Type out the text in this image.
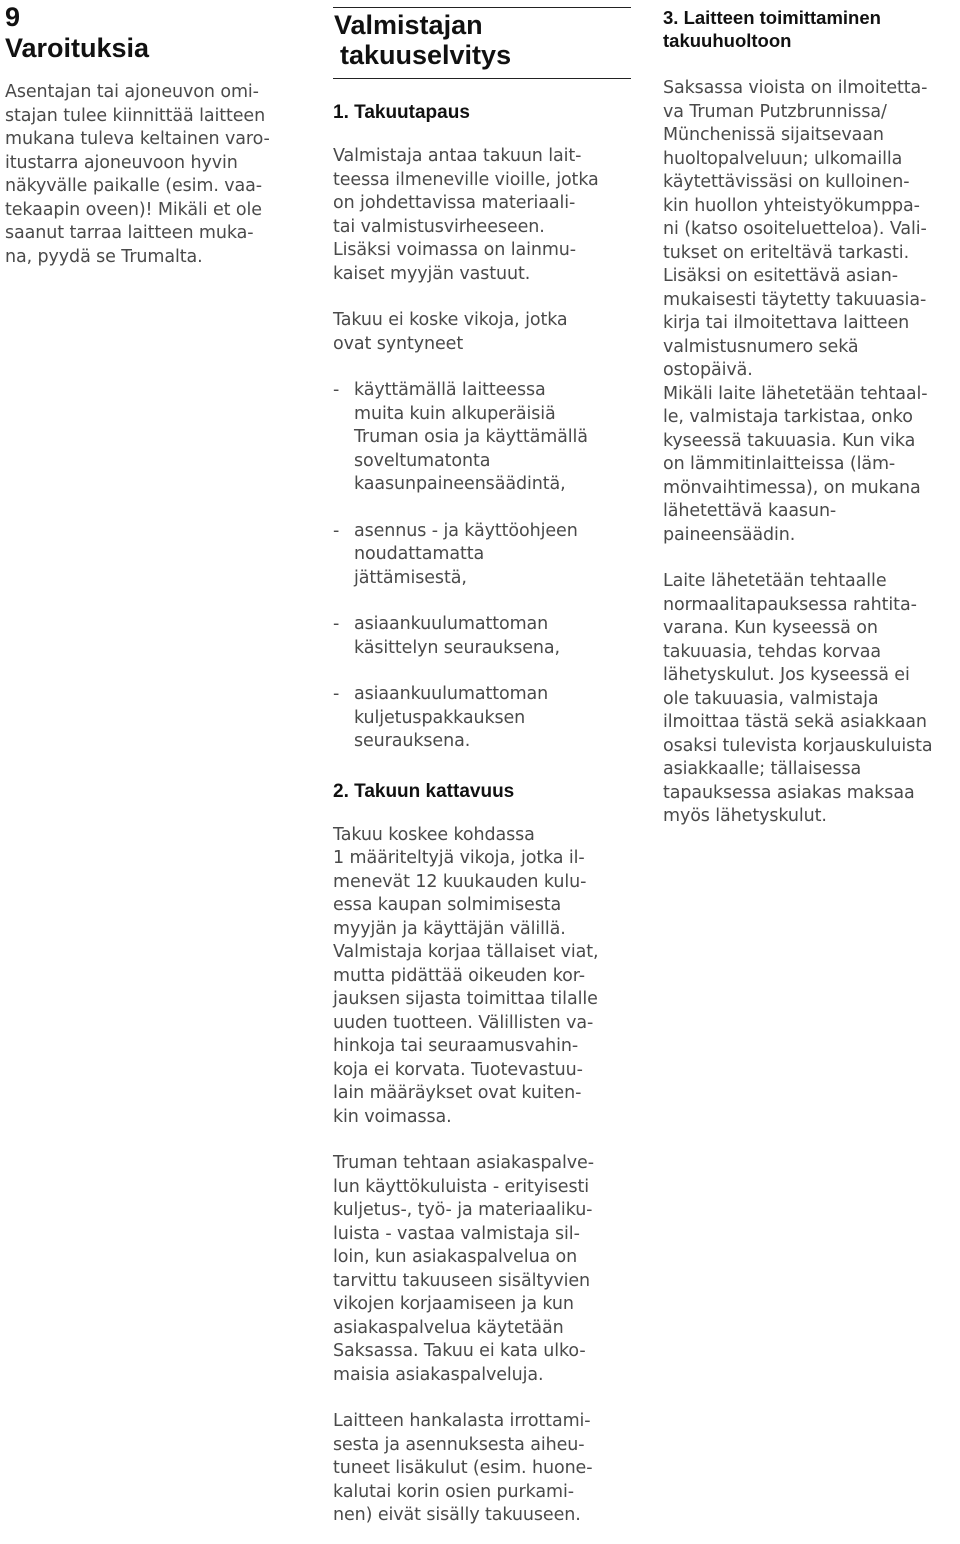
9
Varoituksia
Asentajan tai ajoneuvon omi-
stajan tulee kiinnittää laitteen
mukana tuleva keltainen varo-
itustarra ajoneuvoon hyvin
näkyvälle paikalle (esim. vaa-
tekaapin oveen)! Mikäli et ole
saanut tarraa laitteen muka-
na, pyydä se Trumalta.
Valmistajan
takuuselvitys
1. Takuutapaus
Valmistaja antaa takuun lait-
teessa ilmeneville vioille, jotka
on johdettavissa materiaali-
tai valmistusvirheeseen.
Lisäksi voimassa on lainmu-
kaiset myyjän vastuut.
Takuu ei koske vikoja, jotka
ovat syntyneet
- käyttämällä laitteessa
muita kuin alkuperäisiä
Truman osia ja käyttämällä
soveltumatonta
kaasunpaineensäädintä,
- asennus - ja käyttöohjeen
noudattamatta
jättämisestä,
- asiaankuulumattoman
käsittelyn seurauksena,
- asiaankuulumattoman
kuljetuspakkauksen
seurauksena.
2. Takuun kattavuus
Takuu koskee kohdassa
1 määriteltyjä vikoja, jotka il-
menevät 12 kuukauden kulu-
essa kaupan solmimisesta
myyjän ja käyttäjän välillä.
Valmistaja korjaa tällaiset viat,
mutta pidättää oikeuden kor-
jauksen sijasta toimittaa tilalle
uuden tuotteen. Välillisten va-
hinkoja tai seuraamusvahin-
koja ei korvata. Tuotevastuu-
lain määräykset ovat kuiten-
kin voimassa.
Truman tehtaan asiakaspalve-
lun käyttökuluista - erityisesti
kuljetus-, työ- ja materiaaliku-
luista - vastaa valmistaja sil-
loin, kun asiakaspalvelua on
tarvittu takuuseen sisältyvien
vikojen korjaamiseen ja kun
asiakaspalvelua käytetään
Saksassa. Takuu ei kata ulko-
maisia asiakaspalveluja.
Laitteen hankalasta irrottami-
sesta ja asennuksesta aiheu-
tuneet lisäkulut (esim. huone-
kalutai korin osien purkami-
nen) eivät sisälly takuuseen.
3. Laitteen toimittaminen
takuuhuoltoon
Saksassa vioista on ilmoitetta-
va Truman Putzbrunnissa/
Münchenissä sijaitsevaan
huoltopalveluun; ulkomailla
käytettävissäsi on kulloinen-
kin huollon yhteistyökumppa-
ni (katso osoiteluetteloa). Vali-
tukset on eriteltävä tarkasti.
Lisäksi on esitettävä asian-
mukaisesti täytetty takuuasia-
kirja tai ilmoitettava laitteen
valmistusnumero sekä
ostopäivä.
Mikäli laite lähetetään tehtaal-
le, valmistaja tarkistaa, onko
kyseessä takuuasia. Kun vika
on lämmitinlaitteissa (läm-
mönvaihtimessa), on mukana
lähetettävä kaasun-
paineensäädin.
Laite lähetetään tehtaalle
normaalitapauksessa rahtita-
varana. Kun kyseessä on
takuuasia, tehdas korvaa
lähetyskulut. Jos kyseessä ei
ole takuuasia, valmistaja
ilmoittaa tästä sekä asiakkaan
osaksi tulevista korjauskuluista
asiakkaalle; tällaisessa
tapauksessa asiakas maksaa
myös lähetyskulut.
